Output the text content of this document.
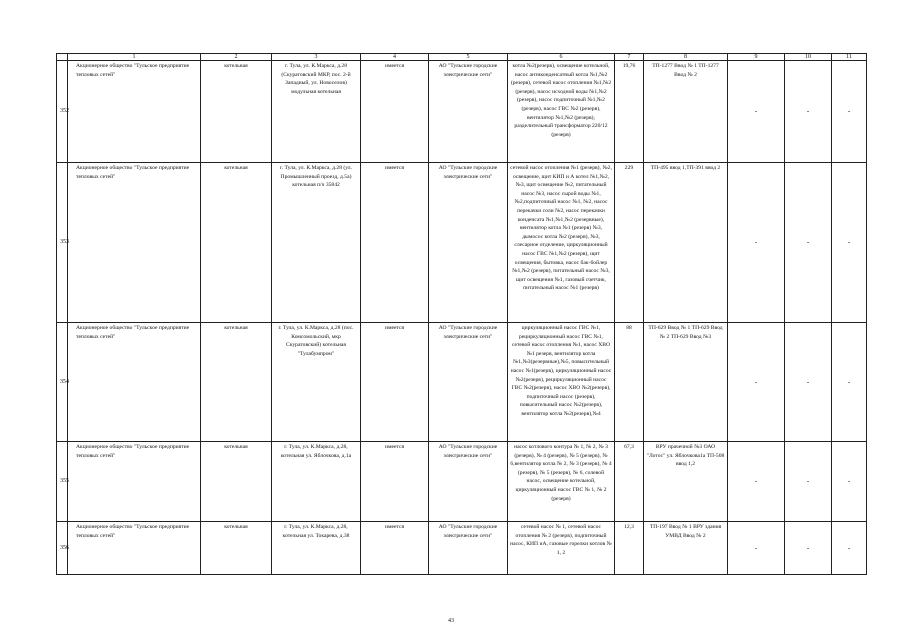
	1	2	3	4	5	6	7	8	9	10	11
352	Акционерное общество "Тульское предприятие тепловых сетей"	котельная	г. Тула, ул. К.Маркса, д.28 (Скуратовский МКР, пос. 2-й Западный, ул. Новоселов) модульная котельная	имеется	АО "Тульские городские электрические сети"	котла №2(резерв), освещение котельной, насос антиконденсатный котла №1,№2 (резерв), сетевой насос отопления №1,№2 (резерв), насос исходной воды №1,№2 (резерв), насос подпиточный №1,№2 (резерв), насос ГВС №2 (резерв), вентилятор №1,№2 (резерв), разделительный трансформатор 220/12 (резерв)	19,76	ТП-1277 Ввод № 1 ТП-1277 Ввод № 2	-	-	-
353	Акционерное общество "Тульское предприятие тепловых сетей"	котельная	г. Тула, ул. К.Маркса, д.28 (ул. Промышленный проезд, д.5а) котельная п/ч 35842	имеется	АО "Тульские городские электрические сети"	сетевой насос отопления №1 (резерв), №2, освещение, щит КИП и А котел №1,№2, №3, щит освещение №2, питательный насос №3, насос сырой воды №1, №2,подпиточный насос №1, №2, насос перекачки соли №2, насос перекачки конденсата №1,№1,№2 (резервные), вентилятор котла №1 (резерв) №3, дымосос котла №2 (резерв), №3, слесарное отделение, циркуляционный насос ГВС №1,№2 (резерв), щит освещения, бытовка, насос бак-бойлер №1,№2 (резерв), питательный насос №3, щит освещения №1, газовый счетчик, питательный насос №1 (резерв)	229	ТП-495 ввод 1,ТП-391 ввод 2	-	-	-
354	Акционерное общество "Тульское предприятие тепловых сетей"	котельная	г. Тула, ул. К.Маркса, д.28 (пос. Комсомольский, мкр Скуратовский) котельная "Тулабумпром"	имеется	АО "Тульские городские электрические сети"	циркуляционный насос ГВС №1, рециркуляционный насос ГВС №1, сетевой насос отопления №1, насос ХВО №1 резерв, вентилятор котла №1,№3(резервные),№5, повысительный насос №1(резерв), циркуляционный насос №2(резерв), рециркуляционный насос ГВС №2(резерв), насос ХВО №2(резерв), подпиточный насос (резерв), повысительный насос №2(резерв), вентилятор котла №2(резерв),№4	88	ТП-629 Ввод № 1 ТП-629 Ввод № 2 ТП-629 Ввод №3	-	-	-
355	Акционерное общество "Тульское предприятие тепловых сетей"	котельная	г. Тула, ул. К.Маркса, д.28, котельная ул. Яблочкова, д.1а	имеется	АО "Тульские городские электрические сети"	насос котлового контура № 1, № 2, № 3 (резерв), № 4 (резерв), № 5 (резерв), № 6,вентилятор котла № 2, № 3 (резерв), № 4 (резерв), № 5 (резерв), № 6, солевой насос, освещение котельной, циркуляционный насос ГВС № 1, № 2 (резерв)	67,3	ВРУ прачечной №3 ОАО "Лотос" ул. Яблочкова1а ТП-508 ввод 1,2	-	-	-
356	Акционерное общество "Тульское предприятие тепловых сетей"	котельная	г. Тула, ул. К.Маркса, д.28, котельная ул. Токарева, д.38	имеется	АО "Тульские городские электрические сети"	сетевой насос № 1, сетевой насос отопления № 2 (резерв), подпиточный насос, КИП иА, газовые горелки котлов № 1, 2	12,3	ТП-197 Ввод № 1 ВРУ здания УМВД Ввод № 2	-	-	-
43
